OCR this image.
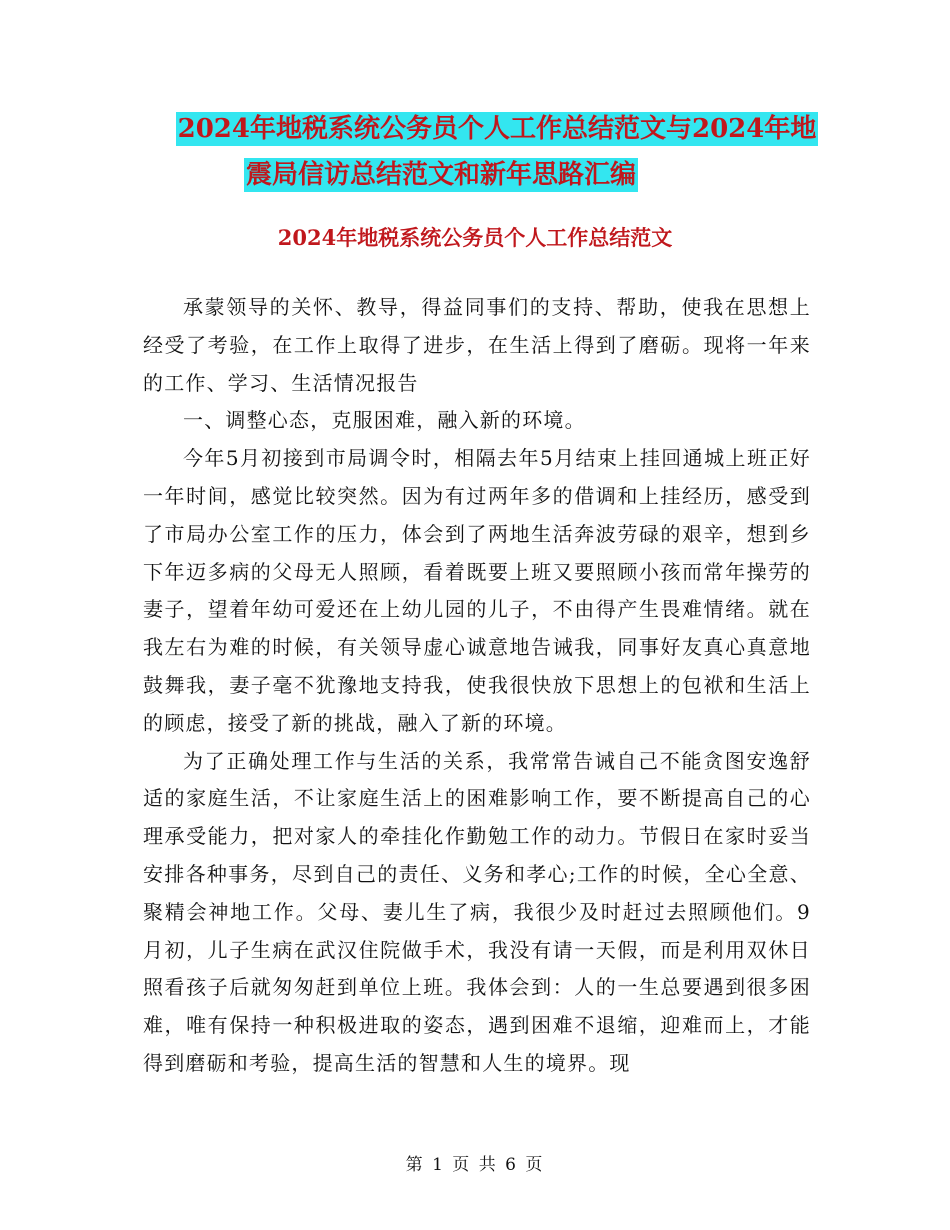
2024年地税系统公务员个人工作总结范文与2024年地
震局信访总结范文和新年思路汇编
2024年地税系统公务员个人工作总结范文

承蒙领导的关怀、教导，得益同事们的支持、帮助，使我在思想上经受了考验，在工作上取得了进步，在生活上得到了磨砺。现将一年来的工作、学习、生活情况报告

一、调整心态，克服困难，融入新的环境。

今年5月初接到市局调令时，相隔去年5月结束上挂回通城上班正好一年时间，感觉比较突然。因为有过两年多的借调和上挂经历，感受到了市局办公室工作的压力，体会到了两地生活奔波劳碌的艰辛，想到乡下年迈多病的父母无人照顾，看着既要上班又要照顾小孩而常年操劳的妻子，望着年幼可爱还在上幼儿园的儿子，不由得产生畏难情绪。就在我左右为难的时候，有关领导虚心诚意地告诫我，同事好友真心真意地鼓舞我，妻子毫不犹豫地支持我，使我很快放下思想上的包袱和生活上的顾虑，接受了新的挑战，融入了新的环境。

为了正确处理工作与生活的关系，我常常告诫自己不能贪图安逸舒适的家庭生活，不让家庭生活上的困难影响工作，要不断提高自己的心理承受能力，把对家人的牵挂化作勤勉工作的动力。节假日在家时妥当安排各种事务，尽到自己的责任、义务和孝心;工作的时候，全心全意、聚精会神地工作。父母、妻儿生了病，我很少及时赶过去照顾他们。9月初，儿子生病在武汉住院做手术，我没有请一天假，而是利用双休日照看孩子后就匆匆赶到单位上班。我体会到：人的一生总要遇到很多困难，唯有保持一种积极进取的姿态，遇到困难不退缩，迎难而上，才能得到磨砺和考验，提高生活的智慧和人生的境界。现

第 1 页 共 6 页
